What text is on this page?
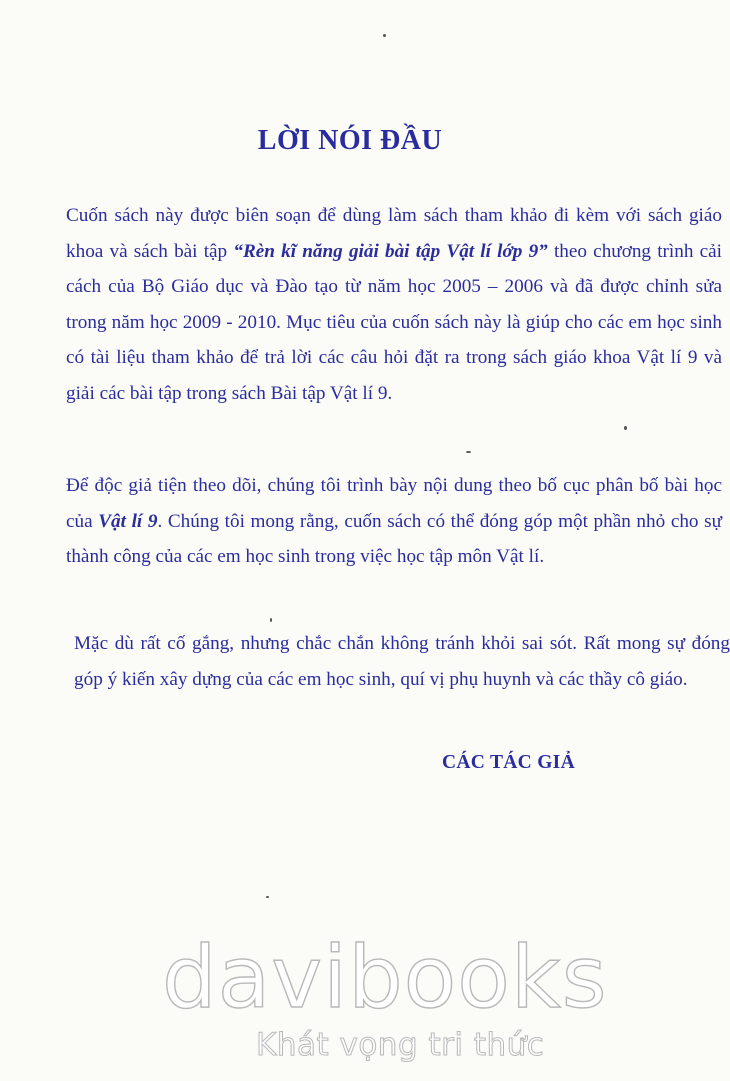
LỜI NÓI ĐẦU
Cuốn sách này được biên soạn để dùng làm sách tham khảo đi kèm với sách giáo khoa và sách bài tập “Rèn kĩ năng giải bài tập Vật lí lớp 9” theo chương trình cải cách của Bộ Giáo dục và Đào tạo từ năm học 2005 – 2006 và đã được chỉnh sửa trong năm học 2009 - 2010. Mục tiêu của cuốn sách này là giúp cho các em học sinh có tài liệu tham khảo để trả lời các câu hỏi đặt ra trong sách giáo khoa Vật lí 9 và giải các bài tập trong sách Bài tập Vật lí 9.
Để độc giả tiện theo dõi, chúng tôi trình bày nội dung theo bố cục phân bố bài học của Vật lí 9. Chúng tôi mong rằng, cuốn sách có thể đóng góp một phần nhỏ cho sự thành công của các em học sinh trong việc học tập môn Vật lí.
Mặc dù rất cố gắng, nhưng chắc chắn không tránh khỏi sai sót. Rất mong sự đóng góp ý kiến xây dựng của các em học sinh, quí vị phụ huynh và các thầy cô giáo.
CÁC TÁC GIẢ
davibooks
Khát vọng tri thức
